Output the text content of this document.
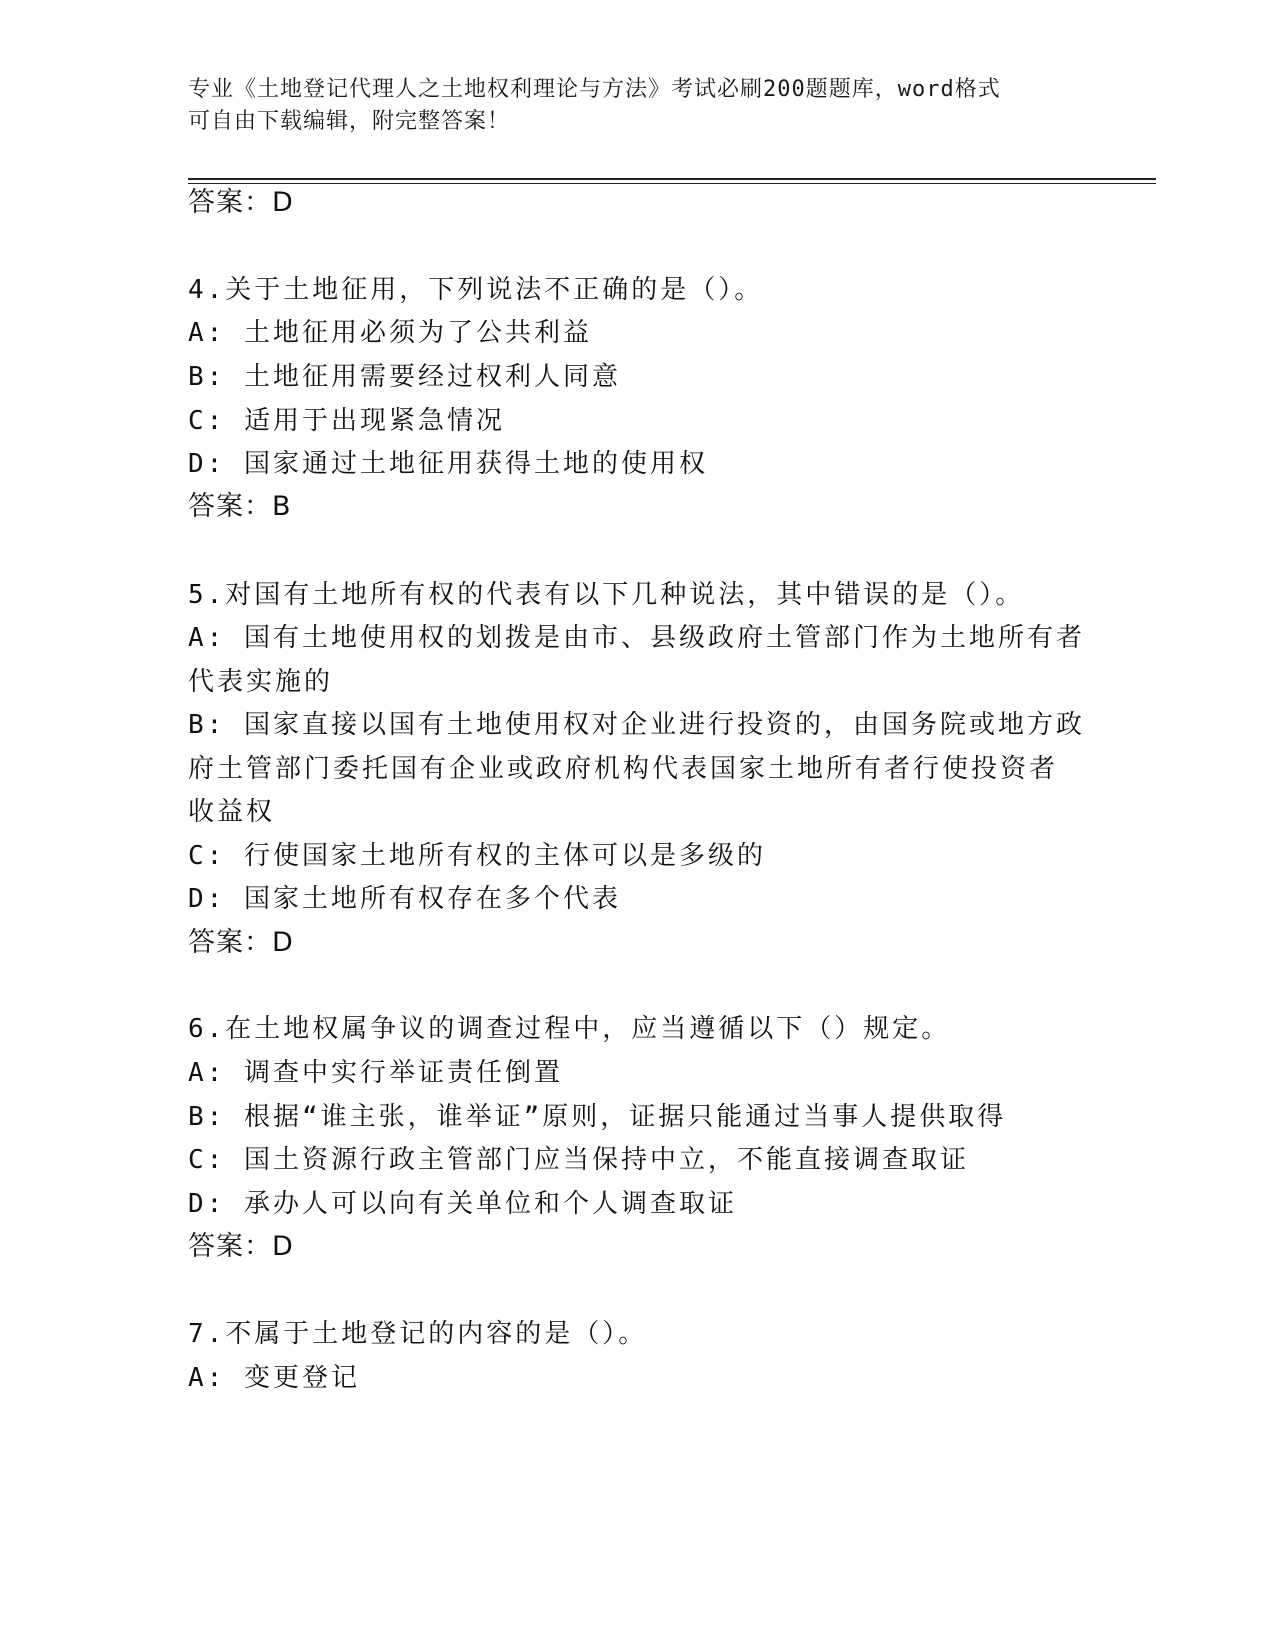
专业《土地登记代理人之土地权利理论与方法》考试必刷200题题库，word格式
可自由下载编辑，附完整答案！
答案：D
4.关于土地征用，下列说法不正确的是（）。
A: 土地征用必须为了公共利益
B: 土地征用需要经过权利人同意
C: 适用于出现紧急情况
D: 国家通过土地征用获得土地的使用权
答案：B
5.对国有土地所有权的代表有以下几种说法，其中错误的是（）。
A: 国有土地使用权的划拨是由市、县级政府土管部门作为土地所有者
代表实施的
B: 国家直接以国有土地使用权对企业进行投资的，由国务院或地方政
府土管部门委托国有企业或政府机构代表国家土地所有者行使投资者
收益权
C: 行使国家土地所有权的主体可以是多级的
D: 国家土地所有权存在多个代表
答案：D
6.在土地权属争议的调查过程中，应当遵循以下（）规定。
A: 调查中实行举证责任倒置
B: 根据“谁主张，谁举证”原则，证据只能通过当事人提供取得
C: 国土资源行政主管部门应当保持中立，不能直接调查取证
D: 承办人可以向有关单位和个人调查取证
答案：D
7.不属于土地登记的内容的是（）。
A: 变更登记
